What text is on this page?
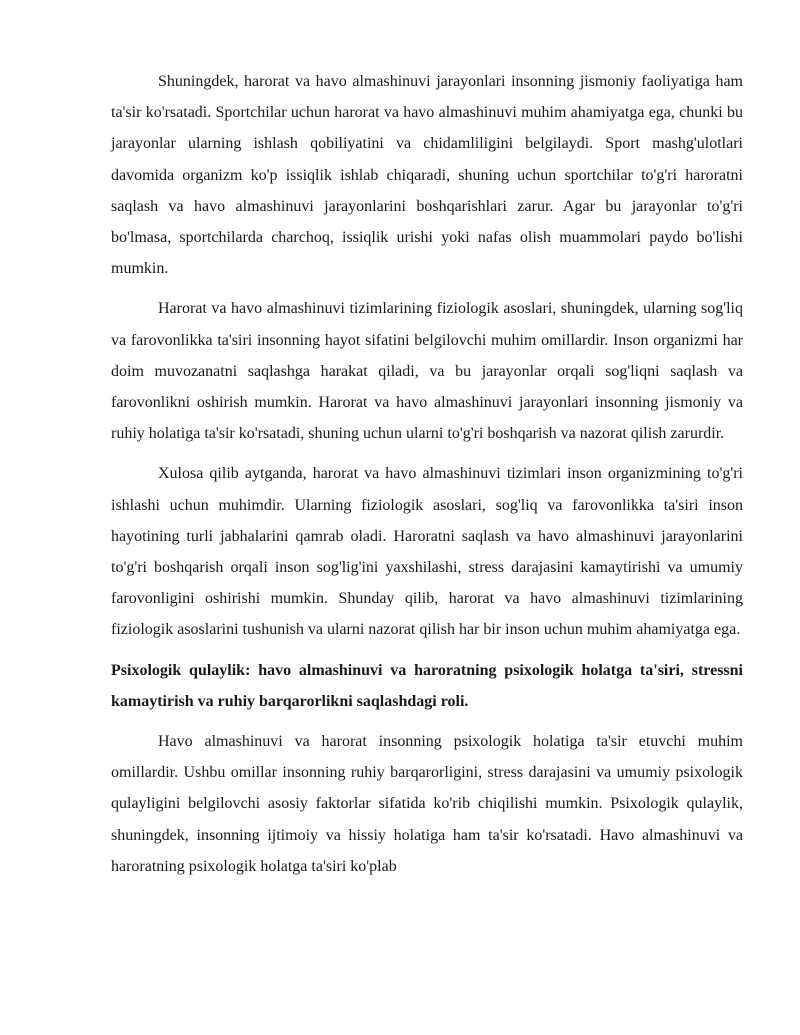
Shuningdek, harorat va havo almashinuvi jarayonlari insonning jismoniy faoliyatiga ham ta'sir ko'rsatadi. Sportchilar uchun harorat va havo almashinuvi muhim ahamiyatga ega, chunki bu jarayonlar ularning ishlash qobiliyatini va chidamliligini belgilaydi. Sport mashg'ulotlari davomida organizm ko'p issiqlik ishlab chiqaradi, shuning uchun sportchilar to'g'ri haroratni saqlash va havo almashinuvi jarayonlarini boshqarishlari zarur. Agar bu jarayonlar to'g'ri bo'lmasa, sportchilarda charchoq, issiqlik urishi yoki nafas olish muammolari paydo bo'lishi mumkin.

Harorat va havo almashinuvi tizimlarining fiziologik asoslari, shuningdek, ularning sog'liq va farovonlikka ta'siri insonning hayot sifatini belgilovchi muhim omillardir. Inson organizmi har doim muvozanatni saqlashga harakat qiladi, va bu jarayonlar orqali sog'liqni saqlash va farovonlikni oshirish mumkin. Harorat va havo almashinuvi jarayonlari insonning jismoniy va ruhiy holatiga ta'sir ko'rsatadi, shuning uchun ularni to'g'ri boshqarish va nazorat qilish zarurdir.

Xulosa qilib aytganda, harorat va havo almashinuvi tizimlari inson organizmining to'g'ri ishlashi uchun muhimdir. Ularning fiziologik asoslari, sog'liq va farovonlikka ta'siri inson hayotining turli jabhalarini qamrab oladi. Haroratni saqlash va havo almashinuvi jarayonlarini to'g'ri boshqarish orqali inson sog'lig'ini yaxshilashi, stress darajasini kamaytirishi va umumiy farovonligini oshirishi mumkin. Shunday qilib, harorat va havo almashinuvi tizimlarining fiziologik asoslarini tushunish va ularni nazorat qilish har bir inson uchun muhim ahamiyatga ega.

Psixologik qulaylik: havo almashinuvi va haroratning psixologik holatga ta'siri, stressni kamaytirish va ruhiy barqarorlikni saqlashdagi roli.

Havo almashinuvi va harorat insonning psixologik holatiga ta'sir etuvchi muhim omillardir. Ushbu omillar insonning ruhiy barqarorligini, stress darajasini va umumiy psixologik qulayligini belgilovchi asosiy faktorlar sifatida ko'rib chiqilishi mumkin. Psixologik qulaylik, shuningdek, insonning ijtimoiy va hissiy holatiga ham ta'sir ko'rsatadi. Havo almashinuvi va haroratning psixologik holatga ta'siri ko'plab
